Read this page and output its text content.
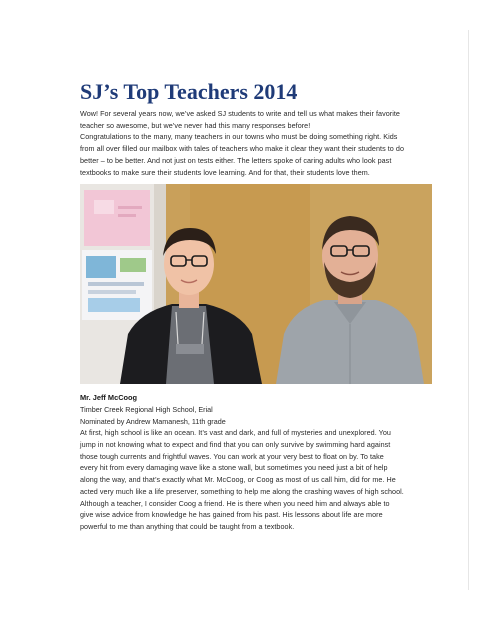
SJ’s Top Teachers 2014

Wow! For several years now, we’ve asked SJ students to write and tell us what makes their favorite
teacher so awesome, but we’ve never had this many responses before!

Congratulations to the many, many teachers in our towns who must be doing something right. Kids
from all over filled our mailbox with tales of teachers who make it clear they want their students to do
better – to be better. And not just on tests either. The letters spoke of caring adults who look past
textbooks to make sure their students love learning. And for that, their students love them.

Mr. Jeff McCoog

Timber Creek Regional High School, Erial

Nominated by Andrew Mamanesh, 11th grade

At first, high school is like an ocean. It’s vast and dark, and full of mysteries and unexplored. You
jump in not knowing what to expect and find that you can only survive by swimming hard against
those tough currents and frightful waves. You can work at your very best to float on by. To take
every hit from every damaging wave like a stone wall, but sometimes you need just a bit of help
along the way, and that’s exactly what Mr. McCoog, or Coog as most of us call him, did for me. He
acted very much like a life preserver, something to help me along the crashing waves of high school.
Although a teacher, I consider Coog a friend. He is there when you need him and always able to
give wise advice from knowledge he has gained from his past. His lessons about life are more
powerful to me than anything that could be taught from a textbook.
